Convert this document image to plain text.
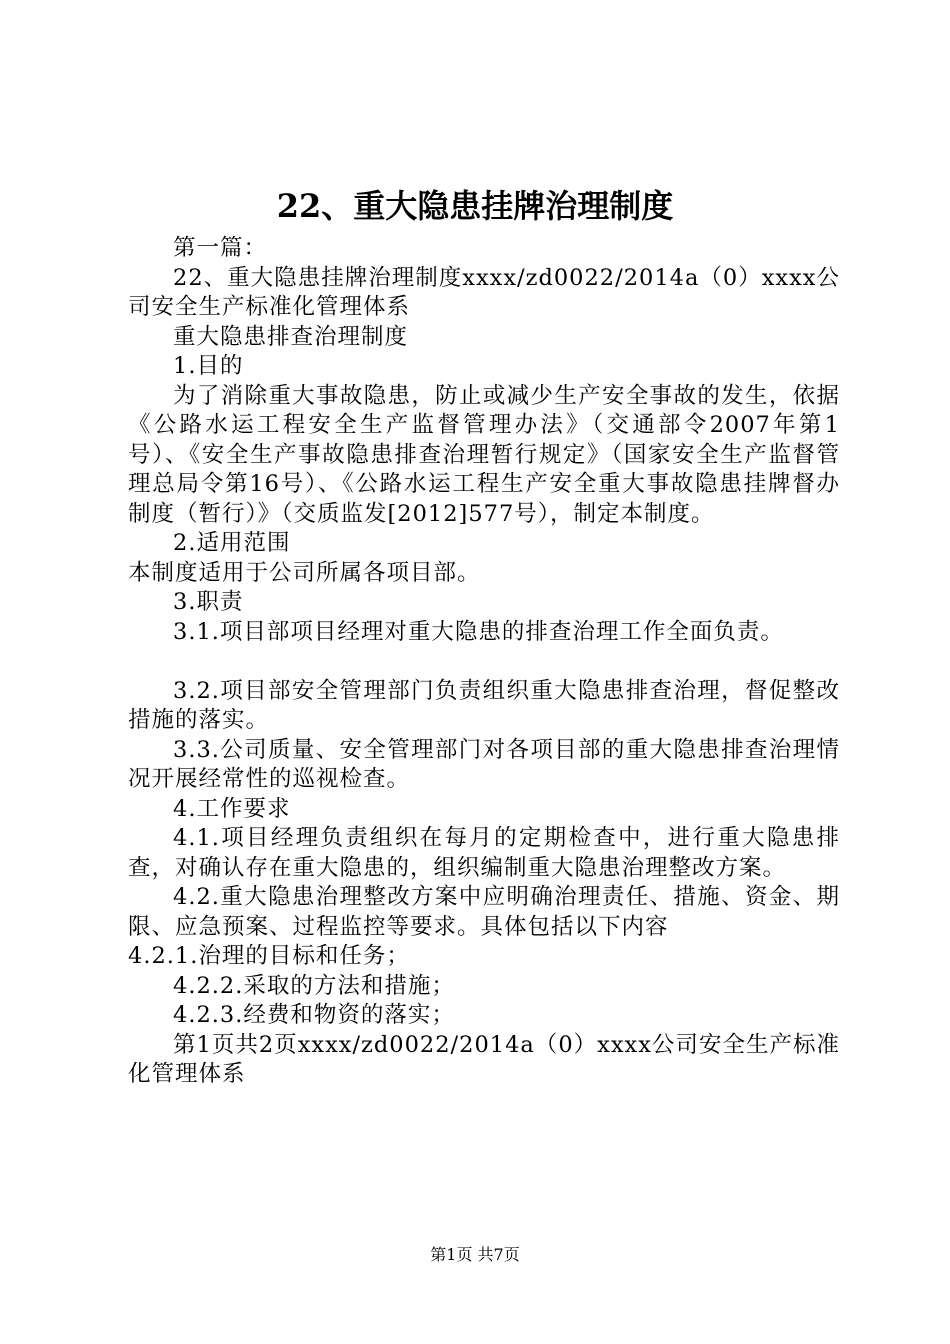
22、重大隐患挂牌治理制度

第一篇：

22、重大隐患挂牌治理制度xxxx/zd0022/2014a（0）xxxx公司安全生产标准化管理体系

重大隐患排查治理制度

1.目的

为了消除重大事故隐患，防止或减少生产安全事故的发生，依据《公路水运工程安全生产监督管理办法》（交通部令2007年第1号）、《安全生产事故隐患排查治理暂行规定》（国家安全生产监督管理总局令第16号）、《公路水运工程生产安全重大事故隐患挂牌督办制度（暂行）》（交质监发[2012]577号），制定本制度。

2.适用范围

本制度适用于公司所属各项目部。

3.职责

3.1.项目部项目经理对重大隐患的排查治理工作全面负责。

3.2.项目部安全管理部门负责组织重大隐患排查治理，督促整改措施的落实。

3.3.公司质量、安全管理部门对各项目部的重大隐患排查治理情况开展经常性的巡视检查。

4.工作要求

4.1.项目经理负责组织在每月的定期检查中，进行重大隐患排查，对确认存在重大隐患的，组织编制重大隐患治理整改方案。

4.2.重大隐患治理整改方案中应明确治理责任、措施、资金、期限、应急预案、过程监控等要求。具体包括以下内容

4.2.1.治理的目标和任务；

4.2.2.采取的方法和措施；

4.2.3.经费和物资的落实；

第1页共2页xxxx/zd0022/2014a（0）xxxx公司安全生产标准化管理体系

第1页 共7页
